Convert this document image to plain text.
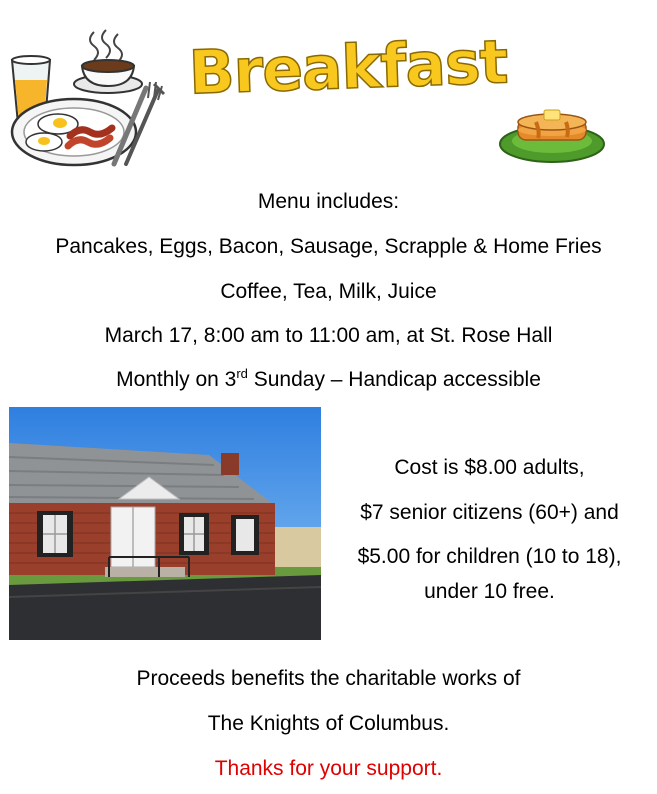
Breakfast
Menu includes:
Pancakes, Eggs, Bacon, Sausage, Scrapple & Home Fries
Coffee, Tea, Milk, Juice
March 17, 8:00 am to 11:00 am, at St. Rose Hall
Monthly on 3rd Sunday – Handicap accessible
Cost is $8.00 adults,
$7 senior citizens (60+) and
$5.00 for children (10 to 18),
under 10 free.
Proceeds benefits the charitable works of
The Knights of Columbus.
Thanks for your support.
